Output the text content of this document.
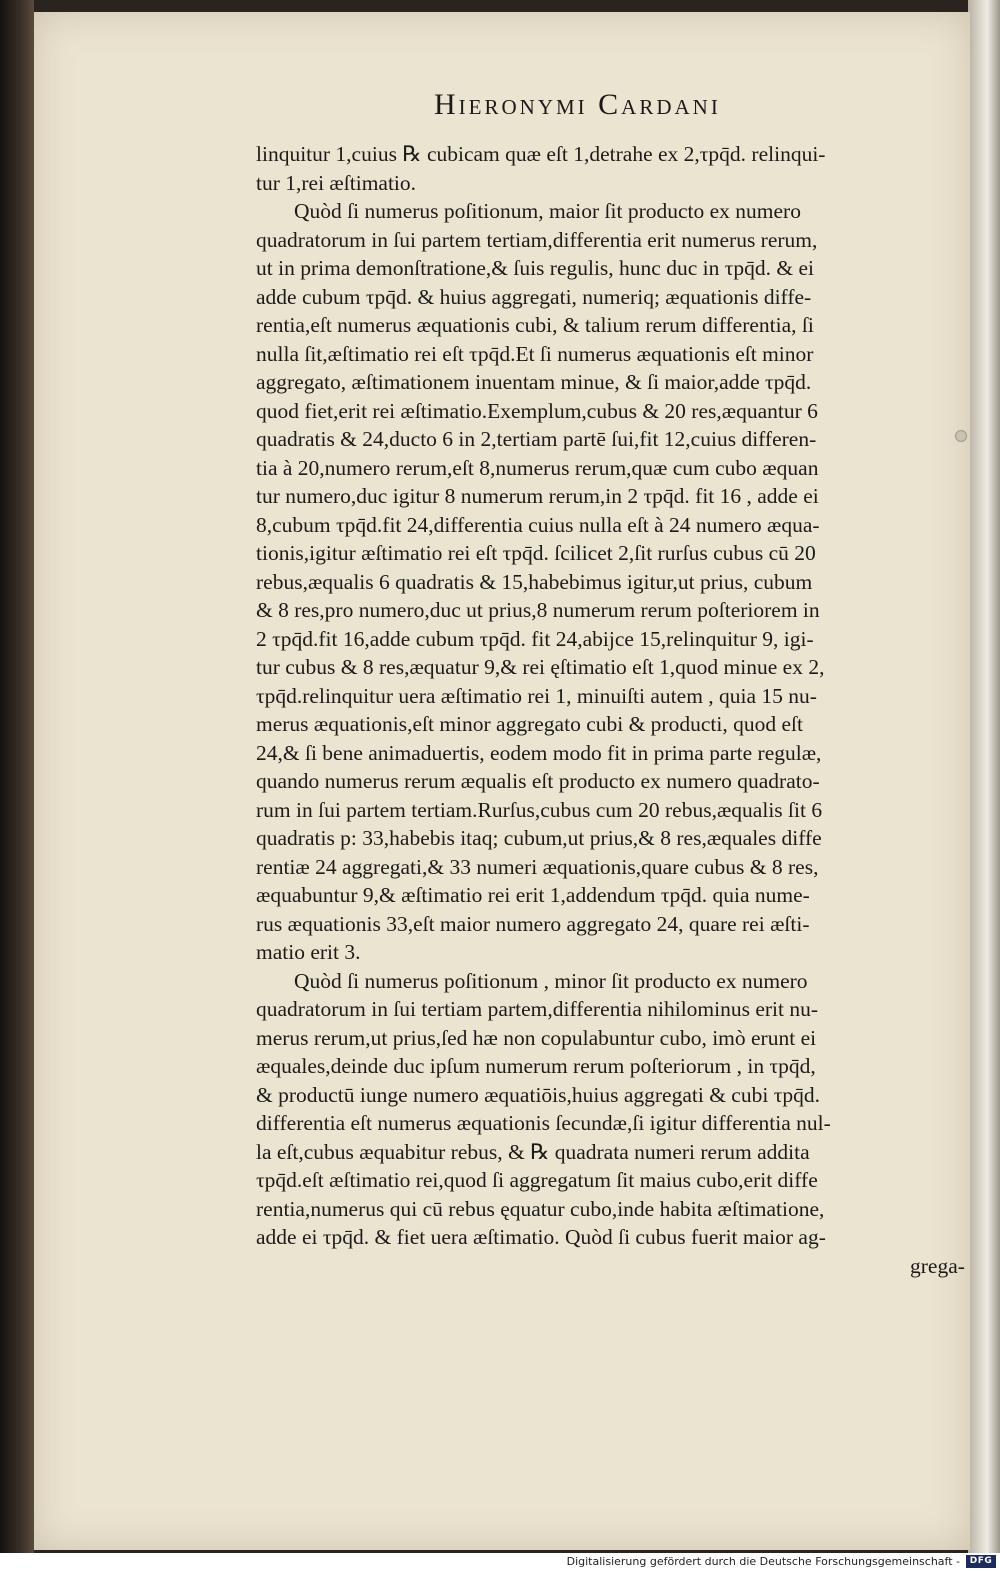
Hieronymi Cardani
linquitur 1,cuius ℞ cubicam quæ eſt 1,detrahe ex 2,τpq̄d. relinqui-
tur 1,rei æſtimatio.
Quòd ſi numerus poſitionum, maior ſit producto ex numero
quadratorum in ſui partem tertiam,differentia erit numerus rerum,
ut in prima demonſtratione,& ſuis regulis, hunc duc in τpq̄d. & ei
adde cubum τpq̄d. & huius aggregati, numeriq; æquationis diffe-
rentia,eſt numerus æquationis cubi, & talium rerum differentia, ſi
nulla ſit,æſtimatio rei eſt τpq̄d.Et ſi numerus æquationis eſt minor
aggregato, æſtimationem inuentam minue, & ſi maior,adde τpq̄d.
quod fiet,erit rei æſtimatio.Exemplum,cubus & 20 res,æquantur 6
quadratis & 24,ducto 6 in 2,tertiam partē ſui,fit 12,cuius differen-
tia à 20,numero rerum,eſt 8,numerus rerum,quæ cum cubo æquan
tur numero,duc igitur 8 numerum rerum,in 2 τpq̄d. fit 16 , adde ei
8,cubum τpq̄d.fit 24,differentia cuius nulla eſt à 24 numero æqua-
tionis,igitur æſtimatio rei eſt τpq̄d. ſcilicet 2,ſit rurſus cubus cū 20
rebus,æqualis 6 quadratis & 15,habebimus igitur,ut prius, cubum
& 8 res,pro numero,duc ut prius,8 numerum rerum poſteriorem in
2 τpq̄d.fit 16,adde cubum τpq̄d. fit 24,abijce 15,relinquitur 9, igi-
tur cubus & 8 res,æquatur 9,& rei ęſtimatio eſt 1,quod minue ex 2,
τpq̄d.relinquitur uera æſtimatio rei 1, minuiſti autem , quia 15 nu-
merus æquationis,eſt minor aggregato cubi & producti, quod eſt
24,& ſi bene animaduertis, eodem modo fit in prima parte regulæ,
quando numerus rerum æqualis eſt producto ex numero quadrato-
rum in ſui partem tertiam.Rurſus,cubus cum 20 rebus,æqualis ſit 6
quadratis p: 33,habebis itaq; cubum,ut prius,& 8 res,æquales diffe
rentiæ 24 aggregati,& 33 numeri æquationis,quare cubus & 8 res,
æquabuntur 9,& æſtimatio rei erit 1,addendum τpq̄d. quia nume-
rus æquationis 33,eſt maior numero aggregato 24, quare rei æſti-
matio erit 3.
Quòd ſi numerus poſitionum , minor ſit producto ex numero
quadratorum in ſui tertiam partem,differentia nihilominus erit nu-
merus rerum,ut prius,ſed hæ non copulabuntur cubo, imò erunt ei
æquales,deinde duc ipſum numerum rerum poſteriorum , in τpq̄d,
& productū iunge numero æquatiōis,huius aggregati & cubi τpq̄d.
differentia eſt numerus æquationis ſecundæ,ſi igitur differentia nul-
la eſt,cubus æquabitur rebus, & ℞ quadrata numeri rerum addita
τpq̄d.eſt æſtimatio rei,quod ſi aggregatum ſit maius cubo,erit diffe
rentia,numerus qui cū rebus ęquatur cubo,inde habita æſtimatione,
adde ei τpq̄d. & fiet uera æſtimatio. Quòd ſi cubus fuerit maior ag-
grega-
Digitalisierung gefördert durch die Deutsche Forschungsgemeinschaft -	DFG
